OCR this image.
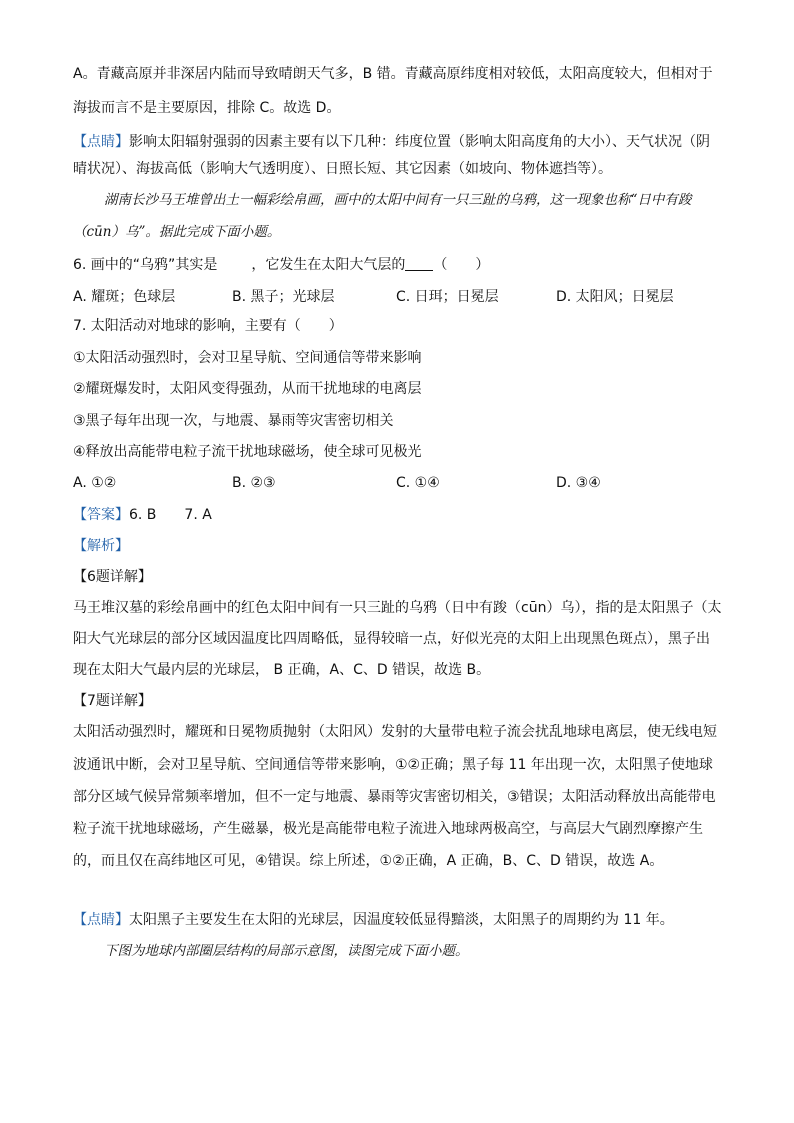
A。青藏高原并非深居内陆而导致晴朗天气多，B 错。青藏高原纬度相对较低，太阳高度较大，但相对于
海拔而言不是主要原因，排除 C。故选 D。
【点睛】影响太阳辐射强弱的因素主要有以下几种：纬度位置（影响太阳高度角的大小）、天气状况（阴
晴状况）、海拔高低（影响大气透明度）、日照长短、其它因素（如坡向、物体遮挡等）。
湖南长沙马王堆曾出土一幅彩绘帛画，画中的太阳中间有一只三趾的乌鸦，这一现象也称“日中有踆
（cūn）乌”。据此完成下面小题。
6. 画中的“乌鸦”其实是 ，它发生在太阳大气层的 （　　）
A. 耀斑；色球层	B. 黑子；光球层	C. 日珥；日冕层	D. 太阳风；日冕层
7. 太阳活动对地球的影响，主要有（　　）
①太阳活动强烈时，会对卫星导航、空间通信等带来影响
②耀斑爆发时，太阳风变得强劲，从而干扰地球的电离层
③黑子每年出现一次，与地震、暴雨等灾害密切相关
④释放出高能带电粒子流干扰地球磁场，使全球可见极光
A. ①②	B. ②③	C. ①④	D. ③④
【答案】6. B　　7. A
【解析】
【6题详解】
马王堆汉墓的彩绘帛画中的红色太阳中间有一只三趾的乌鸦（日中有踆（cūn）乌），指的是太阳黑子（太
阳大气光球层的部分区域因温度比四周略低，显得较暗一点，好似光亮的太阳上出现黑色斑点），黑子出
现在太阳大气最内层的光球层， B 正确，A、C、D 错误，故选 B。
【7题详解】
太阳活动强烈时，耀斑和日冕物质抛射（太阳风）发射的大量带电粒子流会扰乱地球电离层，使无线电短
波通讯中断，会对卫星导航、空间通信等带来影响，①②正确；黑子每 11 年出现一次，太阳黑子使地球
部分区域气候异常频率增加，但不一定与地震、暴雨等灾害密切相关，③错误；太阳活动释放出高能带电
粒子流干扰地球磁场，产生磁暴，极光是高能带电粒子流进入地球两极高空，与高层大气剧烈摩擦产生
的，而且仅在高纬地区可见，④错误。综上所述，①②正确，A 正确，B、C、D 错误，故选 A。
【点睛】太阳黑子主要发生在太阳的光球层，因温度较低显得黯淡，太阳黑子的周期约为 11 年。
下图为地球内部圈层结构的局部示意图，读图完成下面小题。
